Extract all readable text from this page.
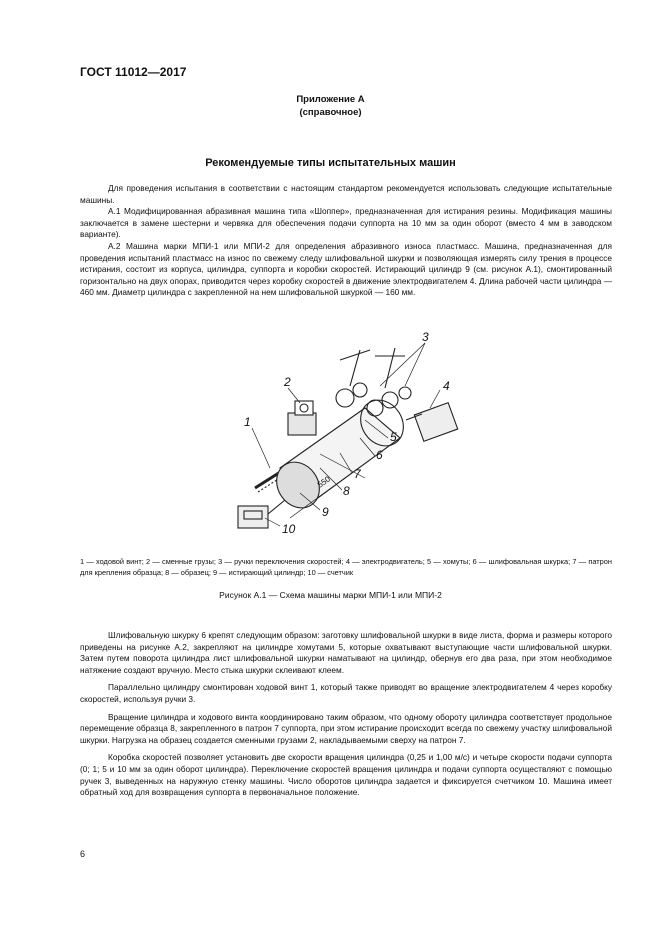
ГОСТ 11012—2017
Приложение А
(справочное)
Рекомендуемые типы испытательных машин

Для проведения испытания в соответствии с настоящим стандартом рекомендуется использовать следующие испытательные машины.

А.1 Модифицированная абразивная машина типа «Шоппер», предназначенная для истирания резины. Модификация машины заключается в замене шестерни и червяка для обеспечения подачи суппорта на 10 мм за один оборот (вместо 4 мм в заводском варианте).

А.2 Машина марки МПИ-1 или МПИ-2 для определения абразивного износа пластмасс. Машина, предназначенная для проведения испытаний пластмасс на износ по свежему следу шлифовальной шкурки и позволяющая измерять силу трения в процессе истирания, состоит из корпуса, цилиндра, суппорта и коробки скоростей. Истирающий цилиндр 9 (см. рисунок А.1), смонтированный горизонтально на двух опорах, приводится через коробку скоростей в движение электродвигателем 4. Длина рабочей части цилиндра — 460 мм. Диаметр цилиндра с закрепленной на нем шлифовальной шкуркой — 160 мм.

1
2
3
4
5
6
7
8
9
10
550

1 — ходовой винт; 2 — сменные грузы; 3 — ручки переключения скоростей; 4 — электродвигатель; 5 — хомуты; 6 — шлифовальная шкурка; 7 — патрон для крепления образца; 8 — образец; 9 — истирающий цилиндр; 10 — счетчик

Рисунок А.1 — Схема машины марки МПИ-1 или МПИ-2

Шлифовальную шкурку 6 крепят следующим образом: заготовку шлифовальной шкурки в виде листа, форма и размеры которого приведены на рисунке А.2, закрепляют на цилиндре хомутами 5, которые охватывают выступающие части шлифовальной шкурки. Затем путем поворота цилиндра лист шлифовальной шкурки наматывают на цилиндр, обернув его два раза, при этом необходимое натяжение создают вручную. Место стыка шкурки склеивают клеем.

Параллельно цилиндру смонтирован ходовой винт 1, который также приводят во вращение электродвигателем 4 через коробку скоростей, используя ручки 3.

Вращение цилиндра и ходового винта координировано таким образом, что одному обороту цилиндра соответствует продольное перемещение образца 8, закрепленного в патрон 7 суппорта, при этом истирание происходит всегда по свежему участку шлифовальной шкурки. Нагрузка на образец создается сменными грузами 2, накладываемыми сверху на патрон 7.

Коробка скоростей позволяет установить две скорости вращения цилиндра (0,25 и 1,00 м/с) и четыре скорости подачи суппорта (0; 1; 5 и 10 мм за один оборот цилиндра). Переключение скоростей вращения цилиндра и подачи суппорта осуществляют с помощью ручек 3, выведенных на наружную стенку машины. Число оборотов цилиндра задается и фиксируется счетчиком 10. Машина имеет обратный ход для возвращения суппорта в первоначальное положение.

6
